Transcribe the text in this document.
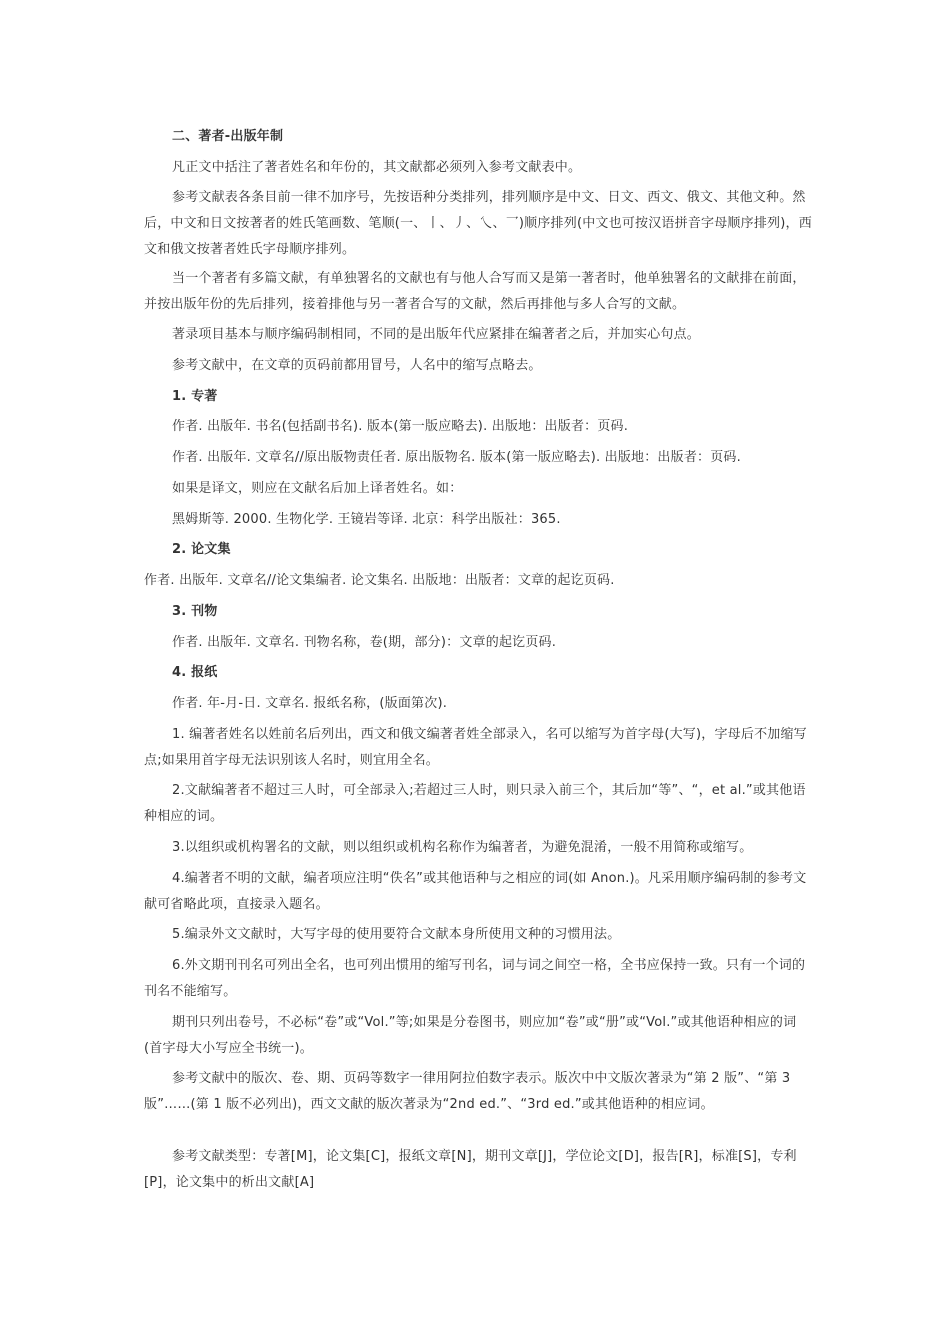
二、著者-出版年制

凡正文中括注了著者姓名和年份的，其文献都必须列入参考文献表中。

参考文献表各条目前一律不加序号，先按语种分类排列，排列顺序是中文、日文、西文、俄文、其他文种。然后，中文和日文按著者的姓氏笔画数、笔顺(一、丨、丿、乀、乛)顺序排列(中文也可按汉语拼音字母顺序排列)，西文和俄文按著者姓氏字母顺序排列。

当一个著者有多篇文献，有单独署名的文献也有与他人合写而又是第一著者时，他单独署名的文献排在前面，并按出版年份的先后排列，接着排他与另一著者合写的文献，然后再排他与多人合写的文献。

著录项目基本与顺序编码制相同，不同的是出版年代应紧排在编著者之后，并加实心句点。

参考文献中，在文章的页码前都用冒号，人名中的缩写点略去。

1. 专著

作者. 出版年. 书名(包括副书名). 版本(第一版应略去). 出版地：出版者：页码.

作者. 出版年. 文章名//原出版物责任者. 原出版物名. 版本(第一版应略去). 出版地：出版者：页码.

如果是译文，则应在文献名后加上译者姓名。如：

黑姆斯等. 2000. 生物化学. 王镜岩等译. 北京：科学出版社：365.

2. 论文集

作者. 出版年. 文章名//论文集编者. 论文集名. 出版地：出版者：文章的起讫页码.

3. 刊物

作者. 出版年. 文章名. 刊物名称，卷(期，部分)：文章的起讫页码.

4. 报纸

作者. 年-月-日. 文章名. 报纸名称，(版面第次).

1. 编著者姓名以姓前名后列出，西文和俄文编著者姓全部录入，名可以缩写为首字母(大写)，字母后不加缩写点;如果用首字母无法识别该人名时，则宜用全名。

2.文献编著者不超过三人时，可全部录入;若超过三人时，则只录入前三个，其后加“等”、“，et al.”或其他语种相应的词。

3.以组织或机构署名的文献，则以组织或机构名称作为编著者，为避免混淆，一般不用简称或缩写。

4.编著者不明的文献，编者项应注明“佚名”或其他语种与之相应的词(如 Anon.)。凡采用顺序编码制的参考文献可省略此项，直接录入题名。

5.编录外文文献时，大写字母的使用要符合文献本身所使用文种的习惯用法。

6.外文期刊刊名可列出全名，也可列出惯用的缩写刊名，词与词之间空一格，全书应保持一致。只有一个词的刊名不能缩写。

期刊只列出卷号，不必标“卷”或“Vol.”等;如果是分卷图书，则应加“卷”或“册”或“Vol.”或其他语种相应的词(首字母大小写应全书统一)。

参考文献中的版次、卷、期、页码等数字一律用阿拉伯数字表示。版次中中文版次著录为“第 2 版”、“第 3 版”……(第 1 版不必列出)，西文文献的版次著录为“2nd ed.”、“3rd ed.”或其他语种的相应词。

参考文献类型：专著[M]，论文集[C]，报纸文章[N]，期刊文章[J]，学位论文[D]，报告[R]，标准[S]，专利[P]，论文集中的析出文献[A]
